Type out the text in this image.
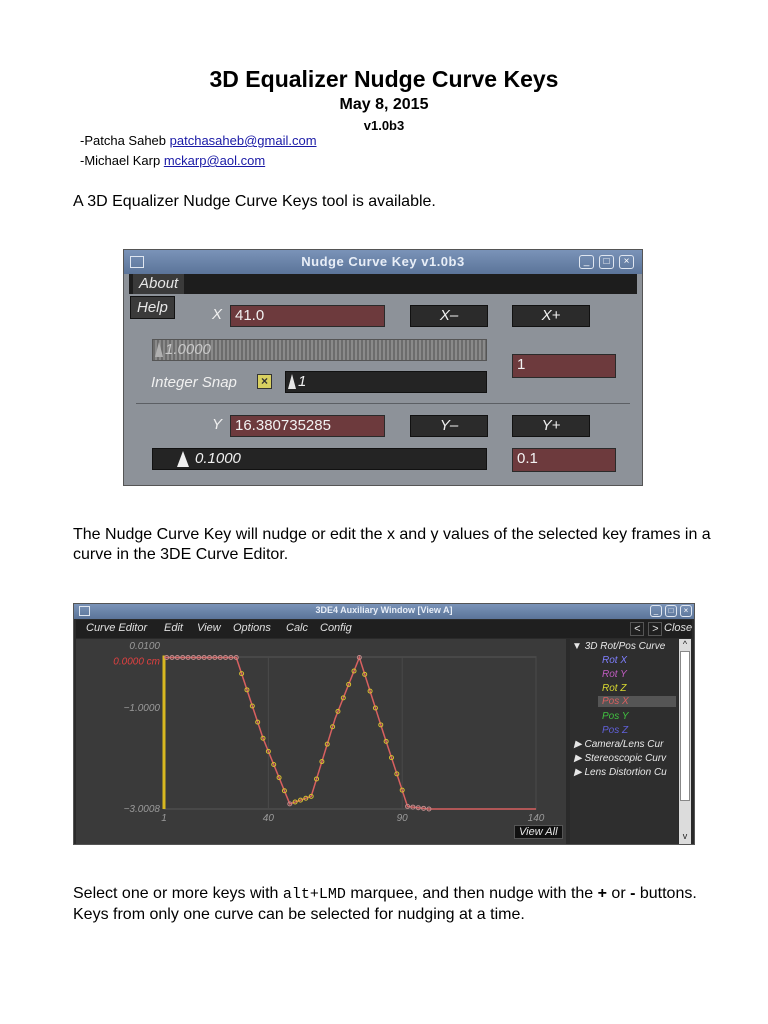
3D Equalizer Nudge Curve Keys
May 8, 2015
v1.0b3
-Patcha Saheb patchasaheb@gmail.com
-Michael Karp mckarp@aol.com
A 3D Equalizer Nudge Curve Keys tool is available.
Nudge Curve Key v1.0b3	_	□	×
About
Help	X 41.0	X–	X+
1.0000
1
Integer Snap	× 1
Y 16.380735285	Y–	Y+
0.1000	0.1
The Nudge Curve Key will nudge or edit the x and y values of the selected key frames in a curve in the 3DE Curve Editor.
3DE4 Auxiliary Window [View A]	_	□	×
Curve Editor Edit View Options Calc Config	<	> Close
1	40	90	140
0.0100
0.0000 cm
−1.0000
−3.0008
View All
▼ 3D Rot/Pos Curve
Rot X
Rot Y
Rot Z
Pos X
Pos Y
Pos Z
▶ Camera/Lens Cur
▶ Stereoscopic Curv
▶ Lens Distortion Cu
^
v
Select one or more keys with alt+LMD marquee, and then nudge with the + or - buttons. Keys from only one curve can be selected for nudging at a time.
